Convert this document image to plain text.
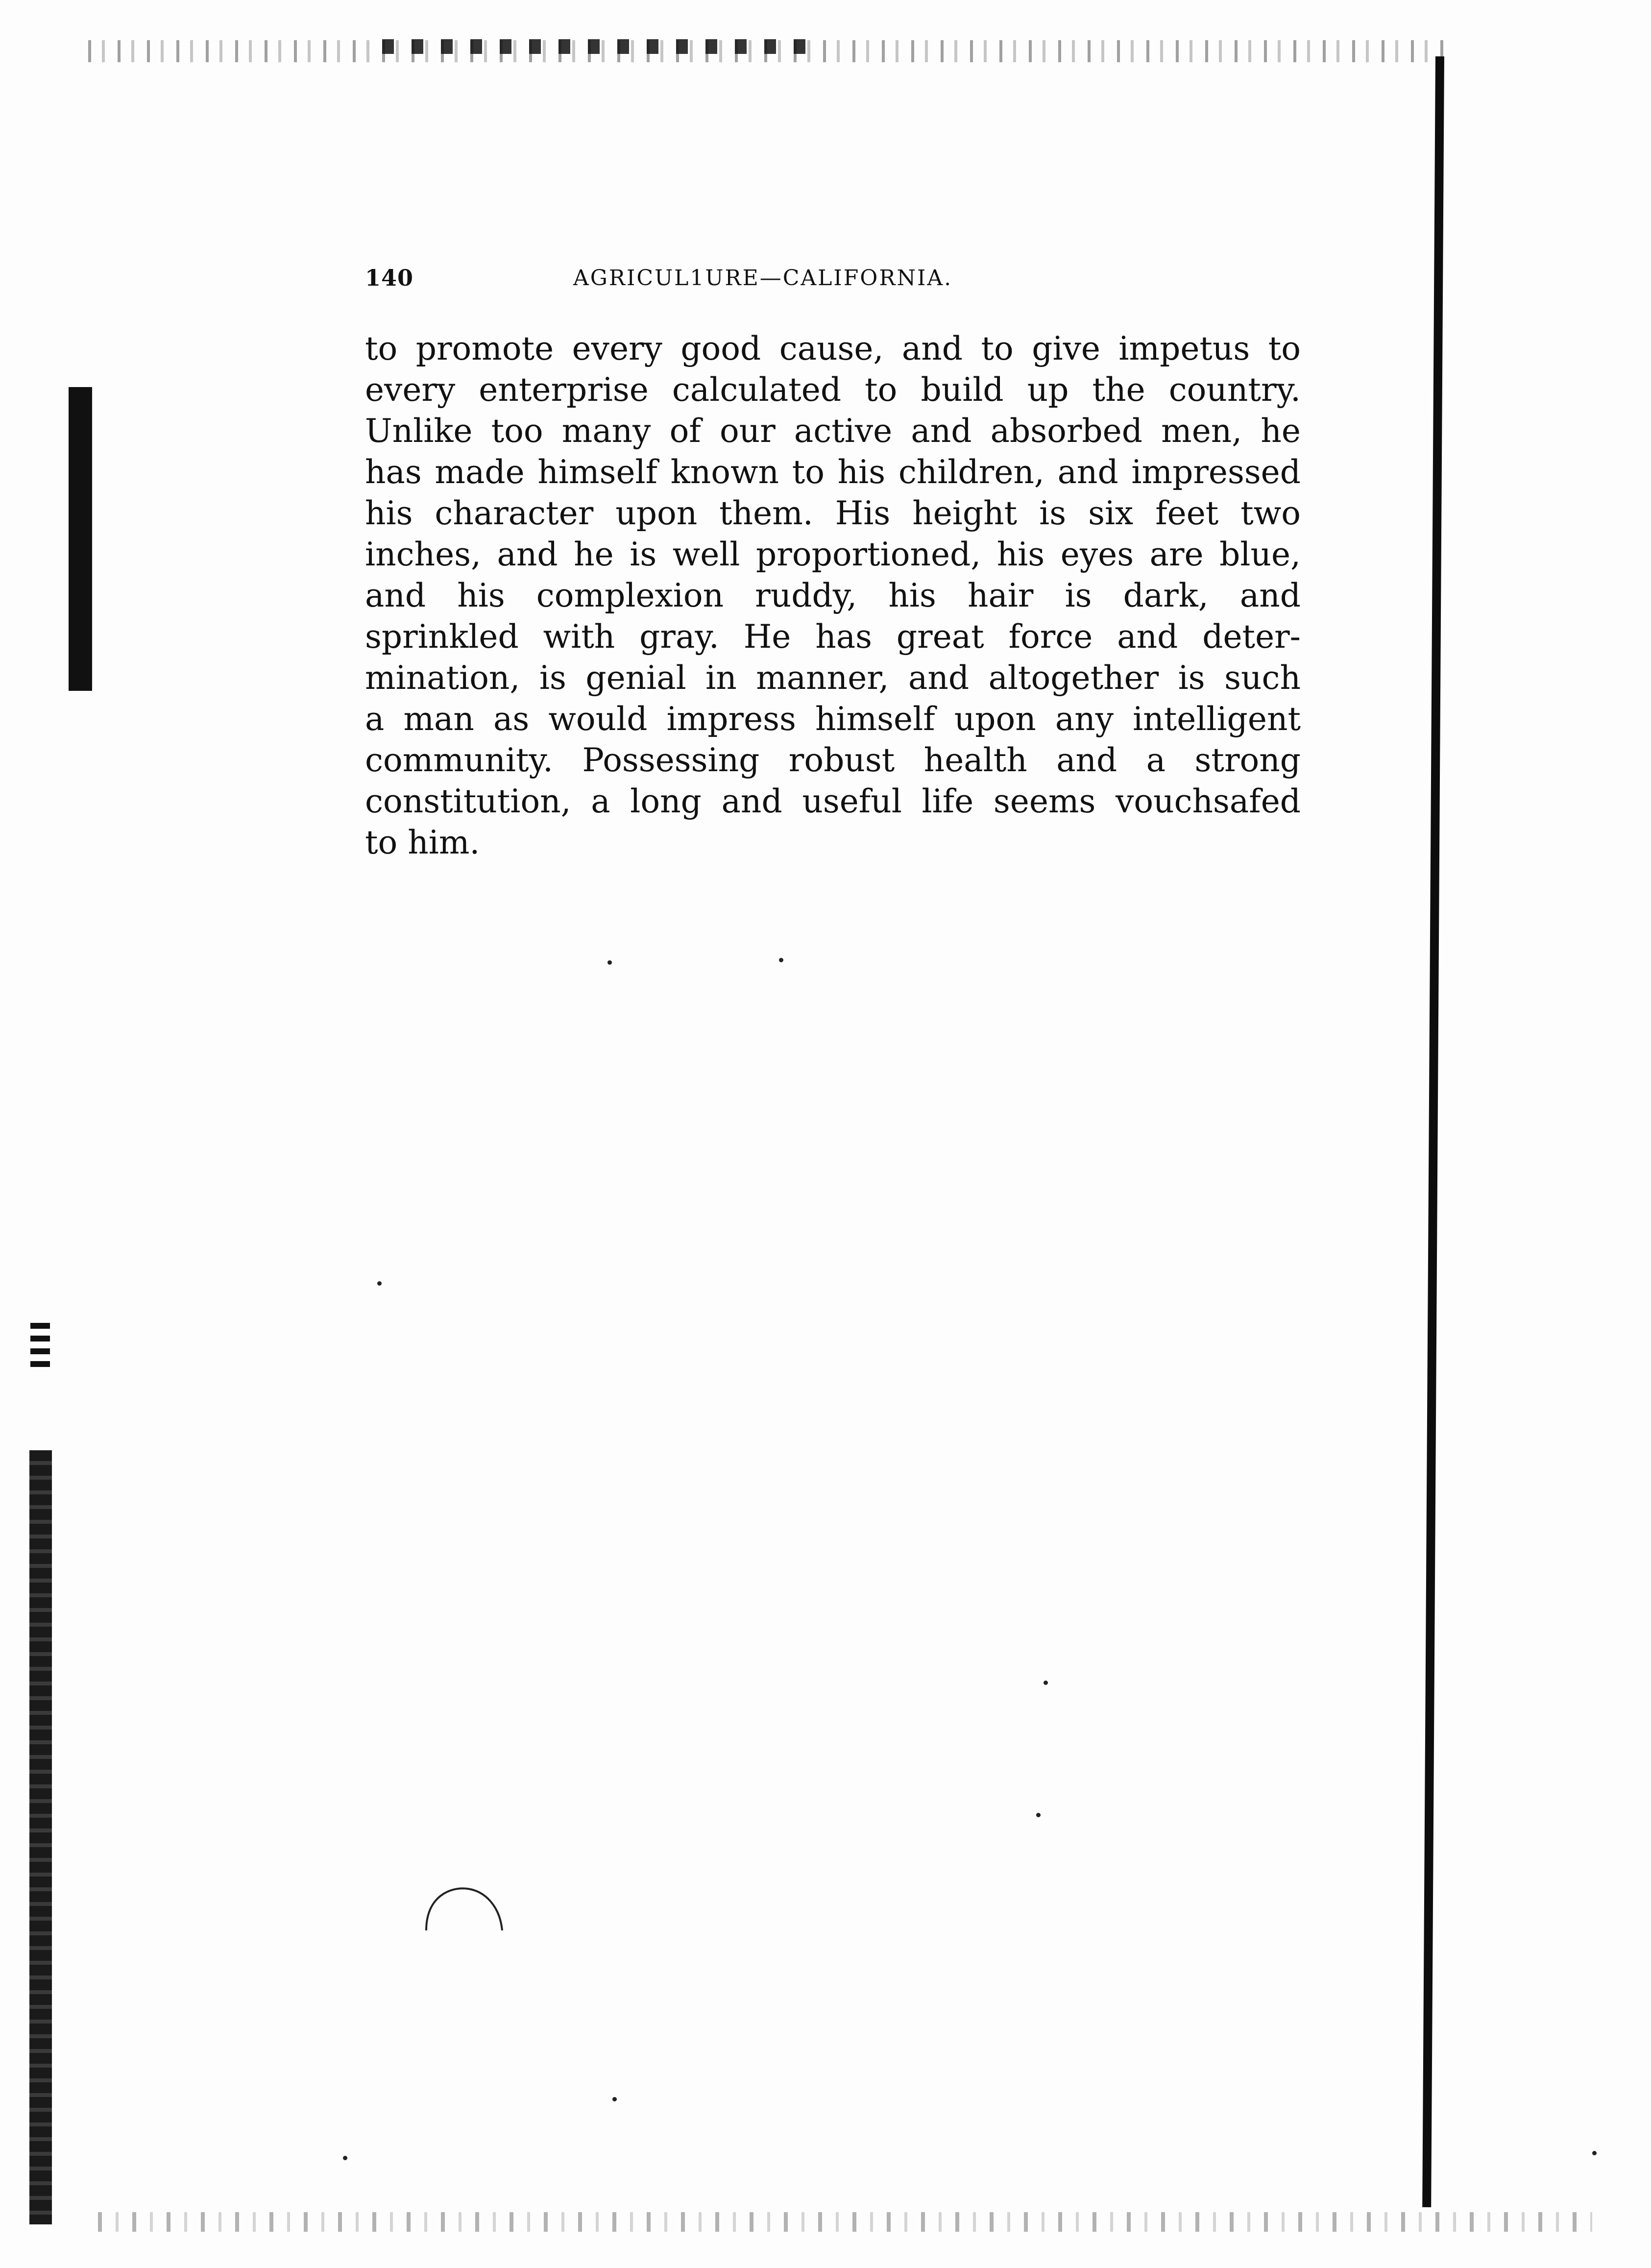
140	AGRICUL1URE—CALIFORNIA.
to promote every good cause, and to give impetus to
every enterprise calculated to build up the country.
Unlike too many of our active and absorbed men, he
has made himself known to his children, and impressed
his character upon them. His height is six feet two
inches, and he is well proportioned, his eyes are blue,
and his complexion ruddy, his hair is dark, and
sprinkled with gray. He has great force and deter-
mination, is genial in manner, and altogether is such
a man as would impress himself upon any intelligent
community. Possessing robust health and a strong
constitution, a long and useful life seems vouchsafed
to him.
